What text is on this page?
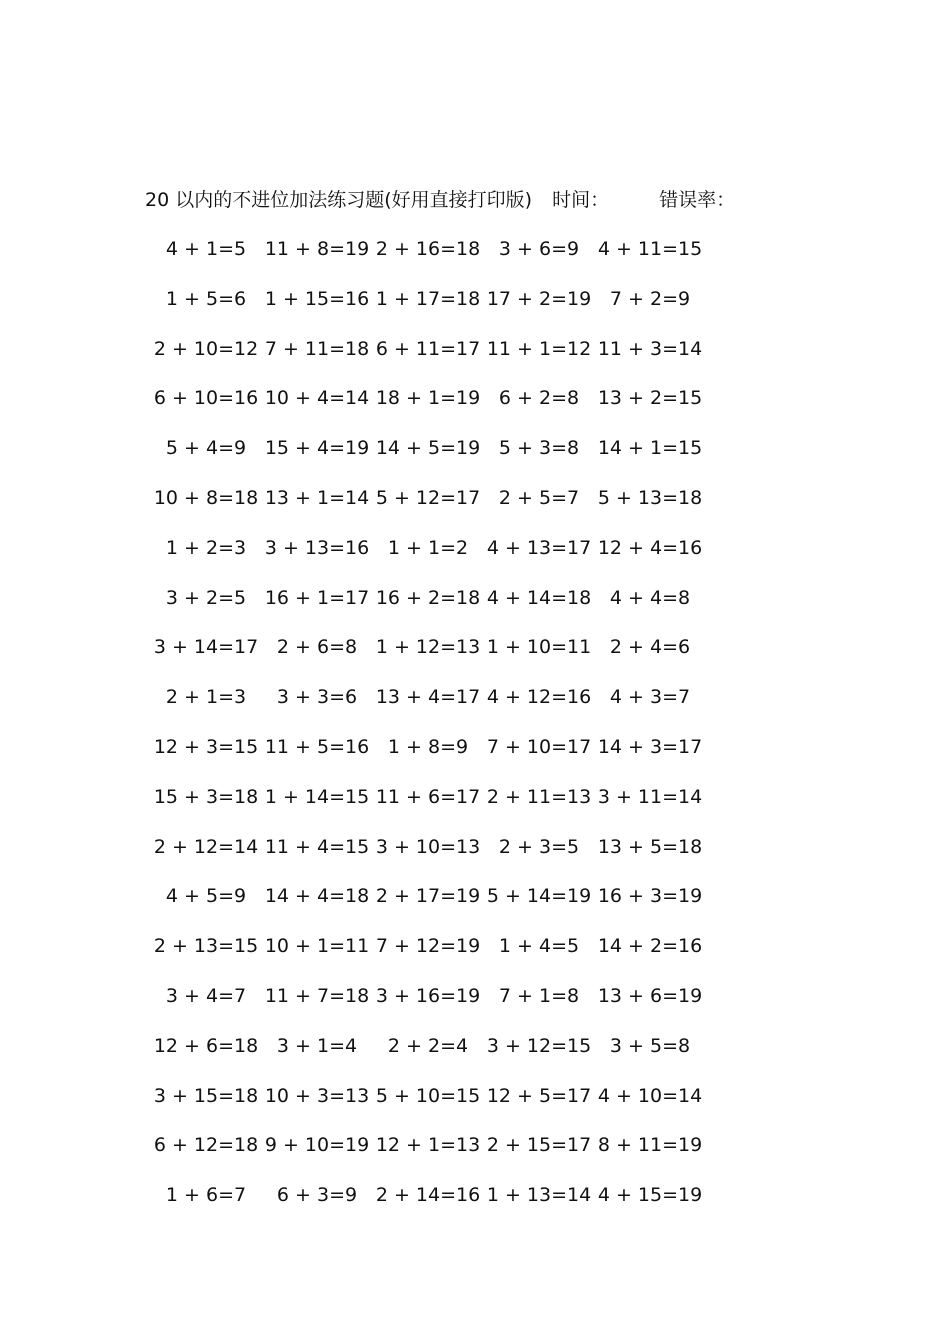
20 以内的不进位加法练习题(好用直接打印版) 时间：	错误率：
4 + 1=5 11 + 8=19 2 + 16=18 3 + 6=9 4 + 11=15
1 + 5=6 1 + 15=16 1 + 17=18 17 + 2=19 7 + 2=9
2 + 10=12 7 + 11=18 6 + 11=17 11 + 1=12 11 + 3=14
6 + 10=16 10 + 4=14 18 + 1=19 6 + 2=8 13 + 2=15
5 + 4=9 15 + 4=19 14 + 5=19 5 + 3=8 14 + 1=15
10 + 8=18 13 + 1=14 5 + 12=17 2 + 5=7 5 + 13=18
1 + 2=3 3 + 13=16 1 + 1=2 4 + 13=17 12 + 4=16
3 + 2=5 16 + 1=17 16 + 2=18 4 + 14=18 4 + 4=8
3 + 14=17 2 + 6=8 1 + 12=13 1 + 10=11 2 + 4=6
2 + 1=3	3 + 3=6 13 + 4=17 4 + 12=16 4 + 3=7
12 + 3=15 11 + 5=16 1 + 8=9 7 + 10=17 14 + 3=17
15 + 3=18 1 + 14=15 11 + 6=17 2 + 11=13 3 + 11=14
2 + 12=14 11 + 4=15 3 + 10=13 2 + 3=5 13 + 5=18
4 + 5=9 14 + 4=18 2 + 17=19 5 + 14=19 16 + 3=19
2 + 13=15 10 + 1=11 7 + 12=19 1 + 4=5 14 + 2=16
3 + 4=7 11 + 7=18 3 + 16=19 7 + 1=8 13 + 6=19
12 + 6=18 3 + 1=4	2 + 2=4 3 + 12=15 3 + 5=8
3 + 15=18 10 + 3=13 5 + 10=15 12 + 5=17 4 + 10=14
6 + 12=18 9 + 10=19 12 + 1=13 2 + 15=17 8 + 11=19
1 + 6=7	6 + 3=9 2 + 14=16 1 + 13=14 4 + 15=19
